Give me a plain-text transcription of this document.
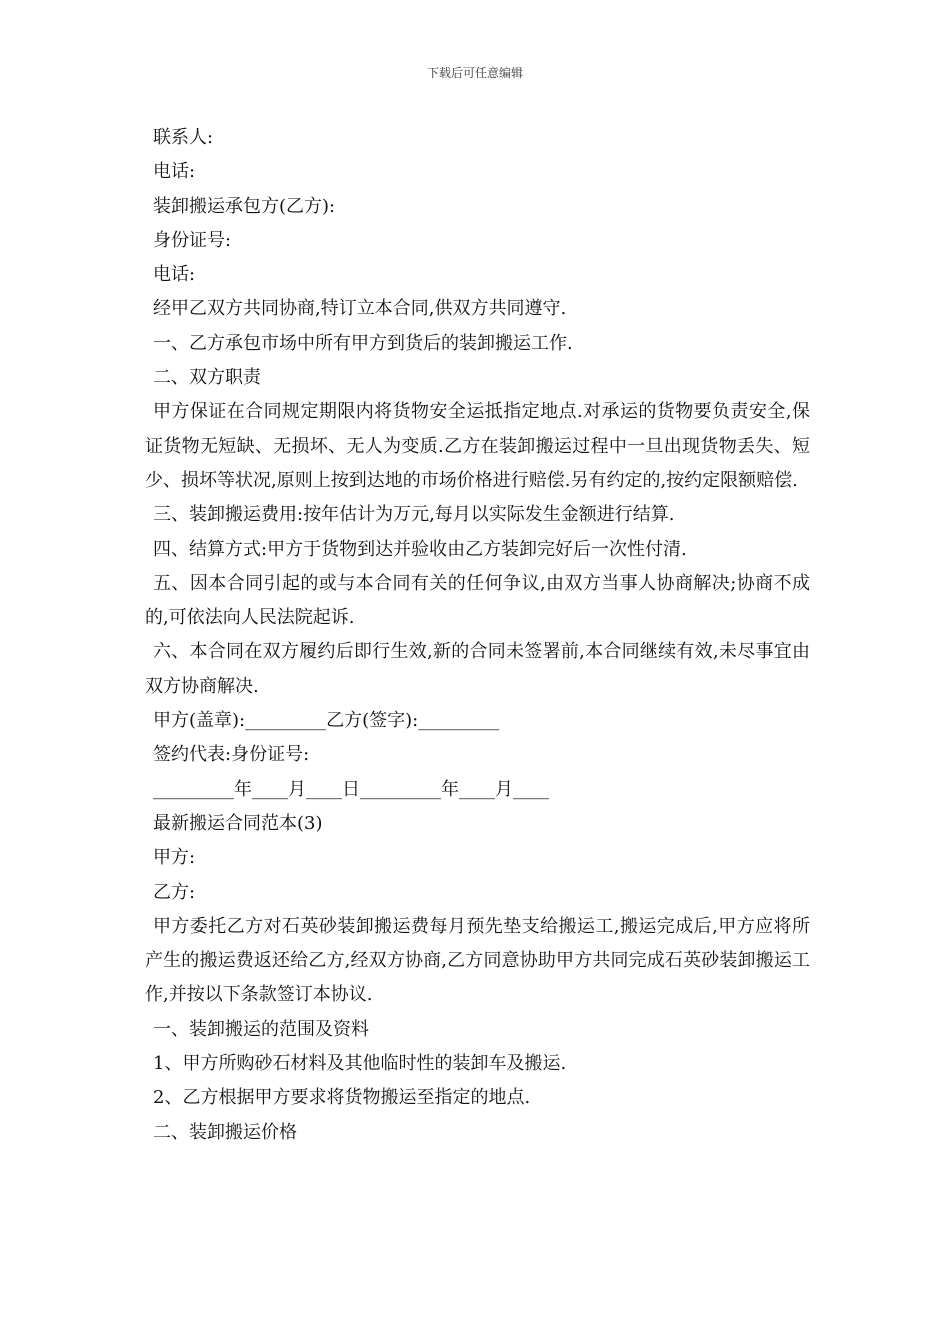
下载后可任意编辑
联系人:
电话:
装卸搬运承包方(乙方):
身份证号:
电话:
经甲乙双方共同协商,特订立本合同,供双方共同遵守.
一、乙方承包市场中所有甲方到货后的装卸搬运工作.
二、双方职责
甲方保证在合同规定期限内将货物安全运抵指定地点.对承运的货物要负责安全,保证货物无短缺、无损坏、无人为变质.乙方在装卸搬运过程中一旦出现货物丢失、短少、损坏等状况,原则上按到达地的市场价格进行赔偿.另有约定的,按约定限额赔偿.
三、装卸搬运费用:按年估计为万元,每月以实际发生金额进行结算.
四、结算方式:甲方于货物到达并验收由乙方装卸完好后一次性付清.
五、因本合同引起的或与本合同有关的任何争议,由双方当事人协商解决;协商不成的,可依法向人民法院起诉.
六、本合同在双方履约后即行生效,新的合同未签署前,本合同继续有效,未尽事宜由双方协商解决.
甲方(盖章):_________乙方(签字):_________
签约代表:身份证号:
_________年____月____日_________年____月____
最新搬运合同范本(3)
甲方:
乙方:
甲方委托乙方对石英砂装卸搬运费每月预先垫支给搬运工,搬运完成后,甲方应将所产生的搬运费返还给乙方,经双方协商,乙方同意协助甲方共同完成石英砂装卸搬运工作,并按以下条款签订本协议.
一、装卸搬运的范围及资料
1、甲方所购砂石材料及其他临时性的装卸车及搬运.
2、乙方根据甲方要求将货物搬运至指定的地点.
二、装卸搬运价格
